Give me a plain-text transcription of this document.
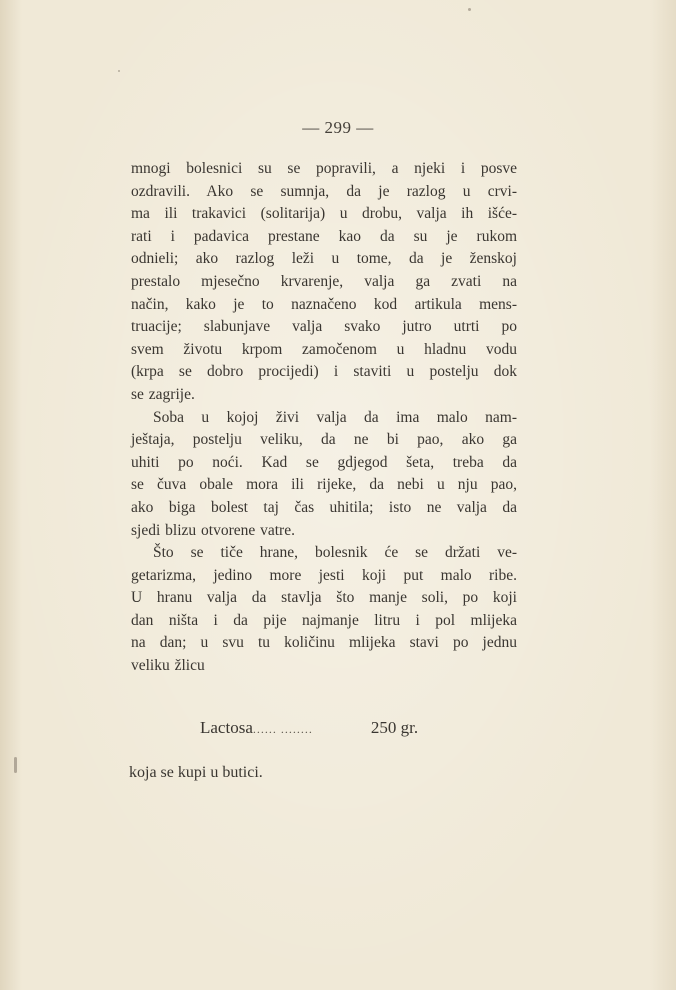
— 299 —
mnogi bolesnici su se popravili, a njeki i posve
ozdravili. Ako se sumnja, da je razlog u crvi-
ma ili trakavici (solitarija) u drobu, valja ih išće-
rati i padavica prestane kao da su je rukom
odnieli; ako razlog leži u tome, da je ženskoj
prestalo mjesečno krvarenje, valja ga zvati na
način, kako je to naznačeno kod artikula mens-
truacije; slabunjave valja svako jutro utrti po
svem životu krpom zamočenom u hladnu vodu
(krpa se dobro procijedi) i staviti u postelju dok
se zagrije.
Soba u kojoj živi valja da ima malo nam-
ještaja, postelju veliku, da ne bi pao, ako ga
uhiti po noći. Kad se gdjegod šeta, treba da
se čuva obale mora ili rijeke, da nebi u nju pao,
ako biga bolest taj čas uhitila; isto ne valja da
sjedi blizu otvorene vatre.
Što se tiče hrane, bolesnik će se držati ve-
getarizma, jedino more jesti koji put malo ribe.
U hranu valja da stavlja što manje soli, po koji
dan ništa i da pije najmanje litru i pol mlijeka
na dan; u svu tu količinu mlijeka stavi po jednu
veliku žlicu
Lactosa...... ........	250 gr.
koja se kupi u butici.
